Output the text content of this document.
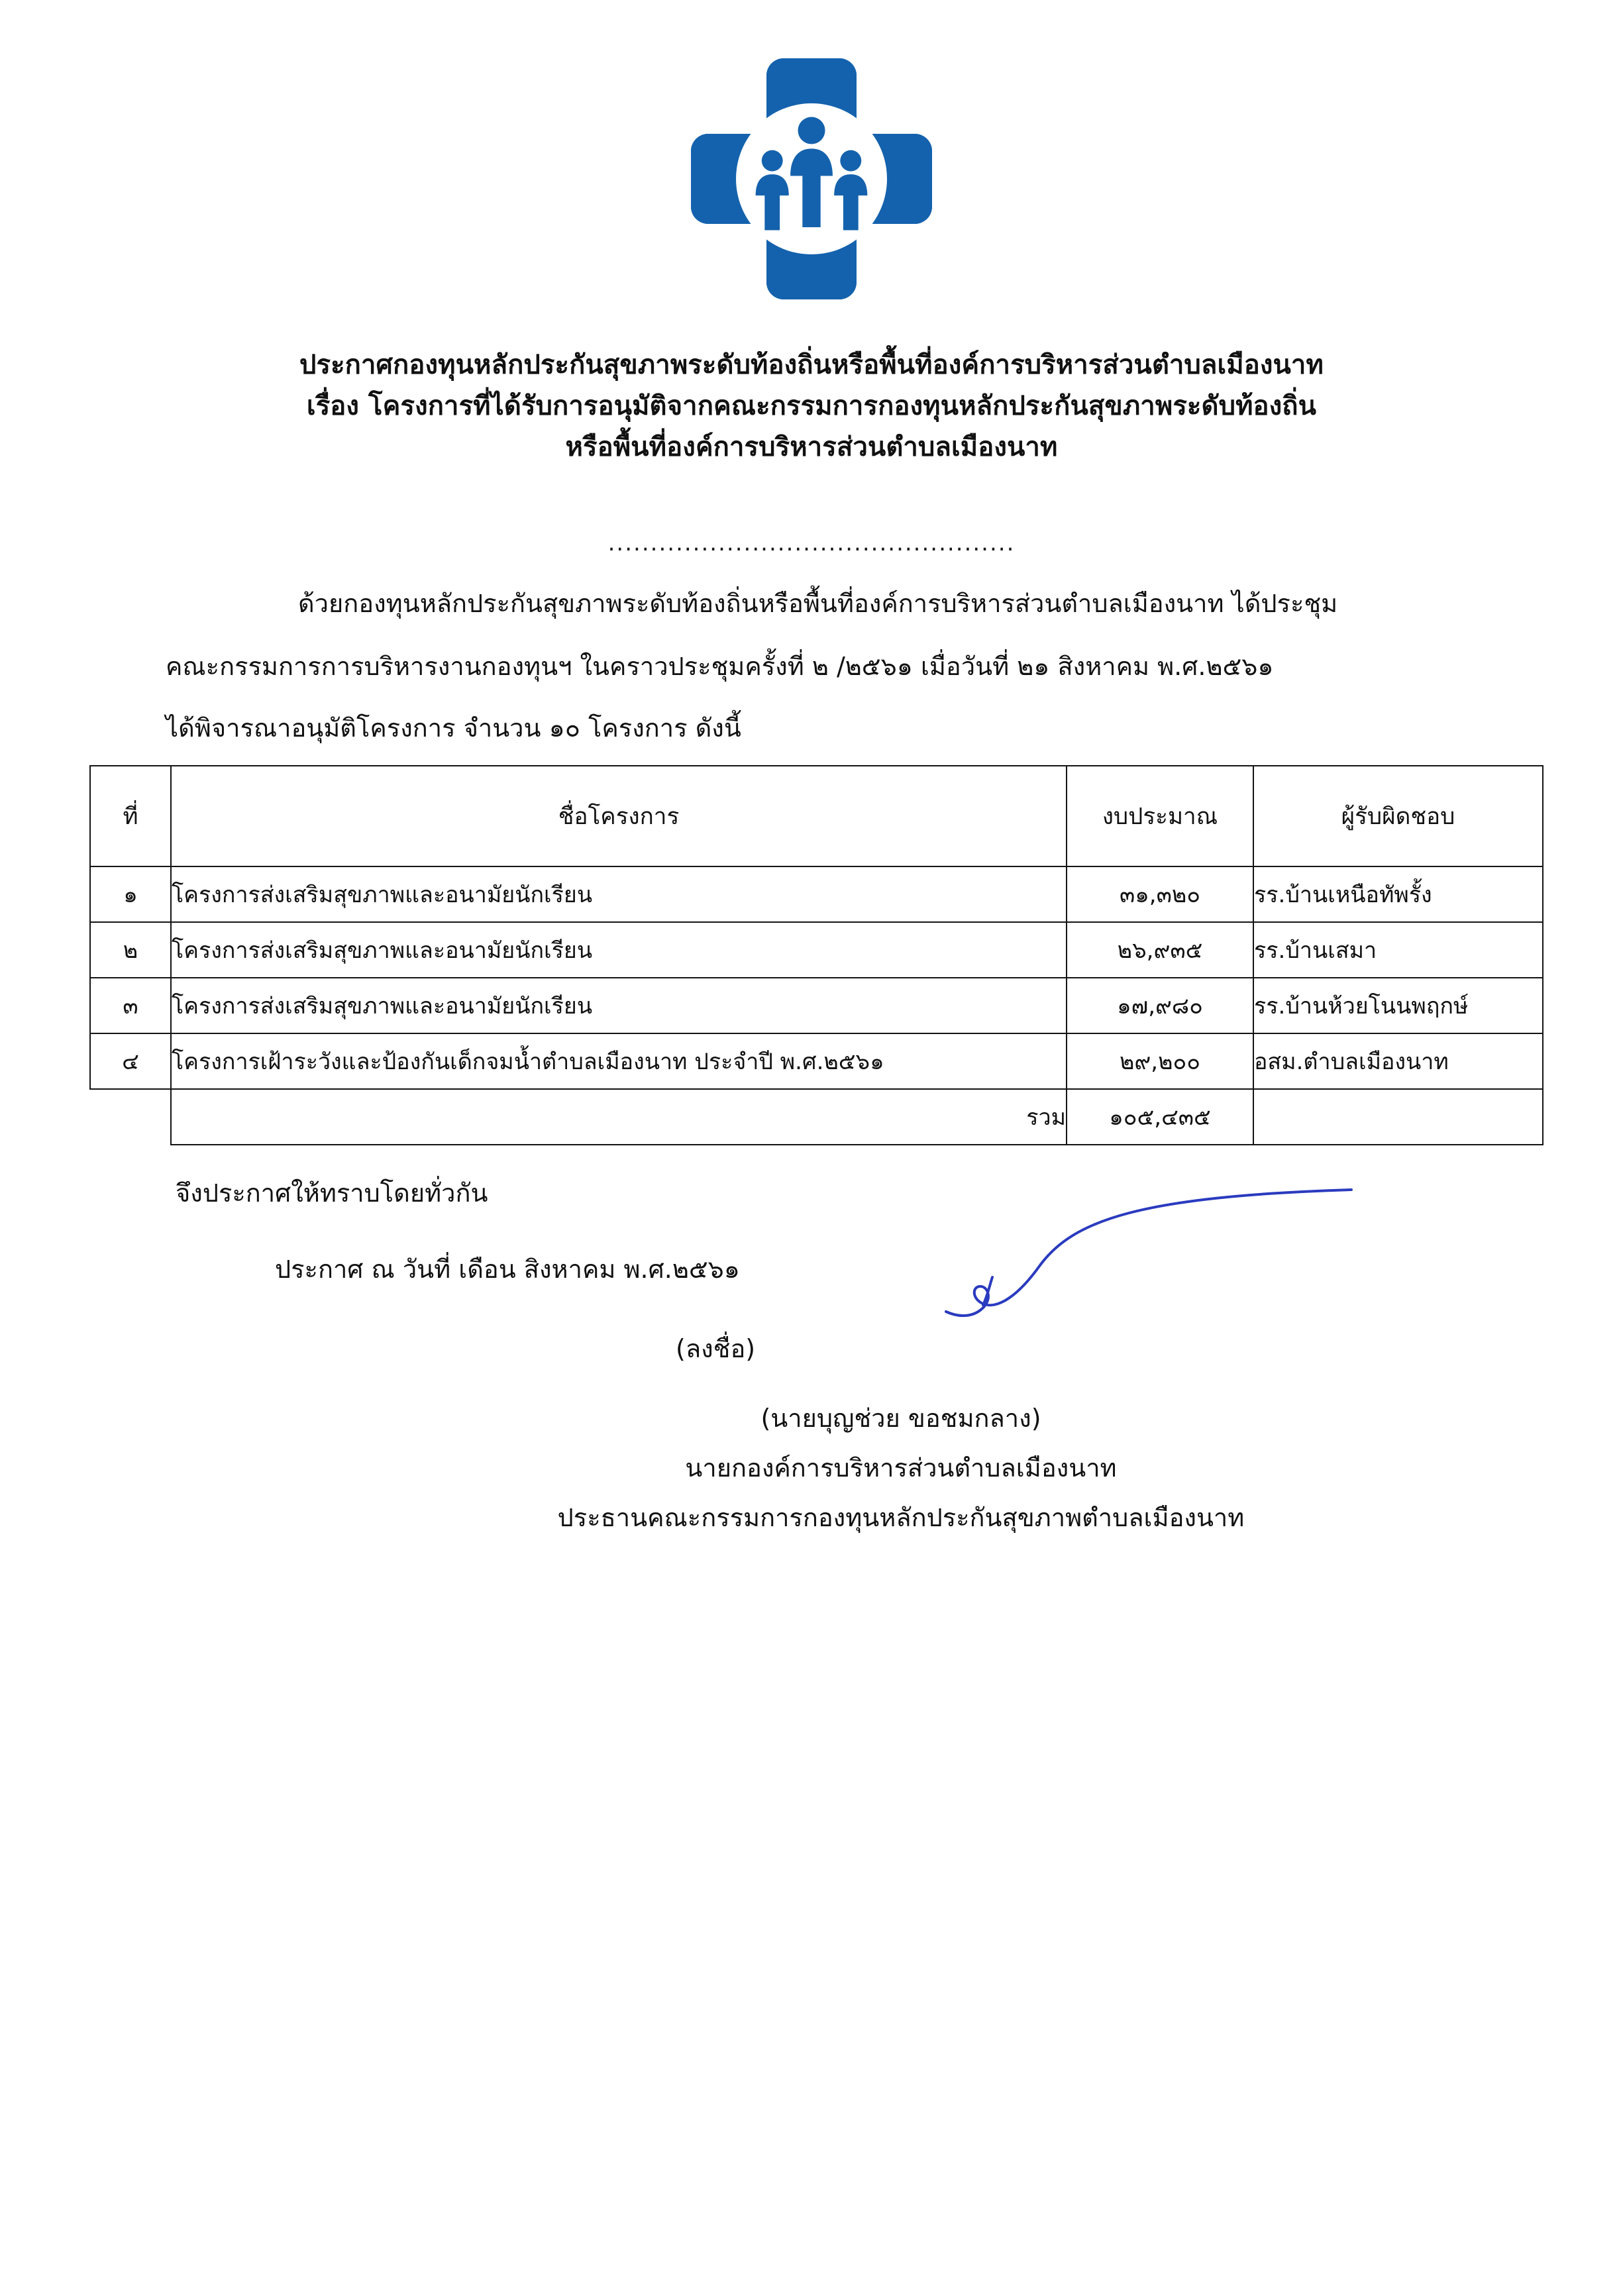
ประกาศกองทุนหลักประกันสุขภาพระดับท้องถิ่นหรือพื้นที่องค์การบริหารส่วนตำบลเมืองนาท
เรื่อง โครงการที่ได้รับการอนุมัติจากคณะกรรมการกองทุนหลักประกันสุขภาพระดับท้องถิ่น
หรือพื้นที่องค์การบริหารส่วนตำบลเมืองนาท
................................................
ด้วยกองทุนหลักประกันสุขภาพระดับท้องถิ่นหรือพื้นที่องค์การบริหารส่วนตำบลเมืองนาท ได้ประชุม
คณะกรรมการการบริหารงานกองทุนฯ ในคราวประชุมครั้งที่ ๒ /๒๕๖๑ เมื่อวันที่ ๒๑ สิงหาคม พ.ศ.๒๕๖๑
ได้พิจารณาอนุมัติโครงการ จำนวน ๑๐ โครงการ ดังนี้
ที่	ชื่อโครงการ	งบประมาณ	ผู้รับผิดชอบ
๑	โครงการส่งเสริมสุขภาพและอนามัยนักเรียน	๓๑,๓๒๐	รร.บ้านเหนือทัพรั้ง
๒	โครงการส่งเสริมสุขภาพและอนามัยนักเรียน	๒๖,๙๓๕	รร.บ้านเสมา
๓	โครงการส่งเสริมสุขภาพและอนามัยนักเรียน	๑๗,๙๘๐	รร.บ้านห้วยโนนพฤกษ์
๔	โครงการเฝ้าระวังและป้องกันเด็กจมน้ำตำบลเมืองนาท ประจำปี พ.ศ.๒๕๖๑	๒๙,๒๐๐	อสม.ตำบลเมืองนาท
	รวม	๑๐๕,๔๓๕	
จึงประกาศให้ทราบโดยทั่วกัน
ประกาศ ณ วันที่ เดือน สิงหาคม พ.ศ.๒๕๖๑
(ลงชื่อ)
(นายบุญช่วย ขอชมกลาง)
นายกองค์การบริหารส่วนตำบลเมืองนาท
ประธานคณะกรรมการกองทุนหลักประกันสุขภาพตำบลเมืองนาท
